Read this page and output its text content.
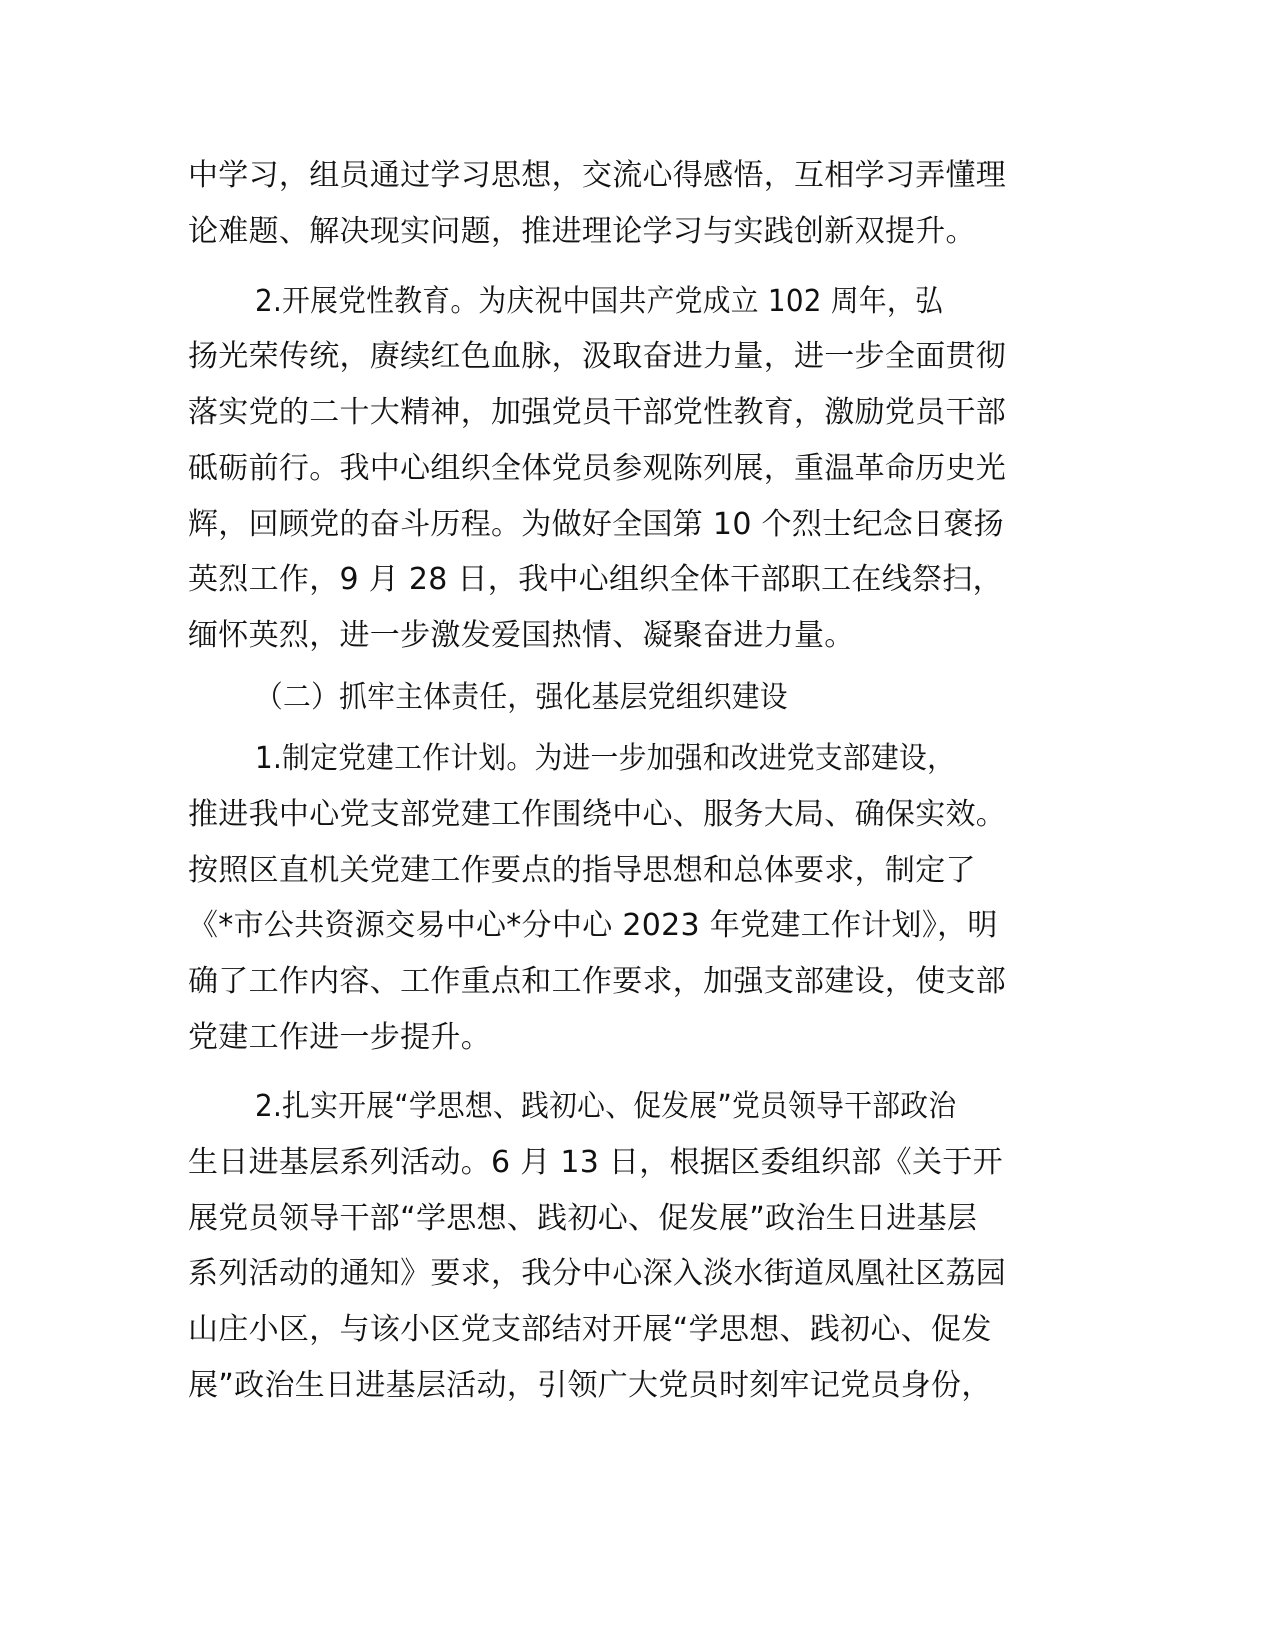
中学习，组员通过学习思想，交流心得感悟，互相学习弄懂理
论难题、解决现实问题，推进理论学习与实践创新双提升。
2.开展党性教育。为庆祝中国共产党成立 102 周年，弘
扬光荣传统，赓续红色血脉，汲取奋进力量，进一步全面贯彻
落实党的二十大精神，加强党员干部党性教育，激励党员干部
砥砺前行。我中心组织全体党员参观陈列展，重温革命历史光
辉，回顾党的奋斗历程。为做好全国第 10 个烈士纪念日褒扬
英烈工作，9 月 28 日，我中心组织全体干部职工在线祭扫，
缅怀英烈，进一步激发爱国热情、凝聚奋进力量。
（二）抓牢主体责任，强化基层党组织建设
1.制定党建工作计划。为进一步加强和改进党支部建设，
推进我中心党支部党建工作围绕中心、服务大局、确保实效。
按照区直机关党建工作要点的指导思想和总体要求，制定了
《*市公共资源交易中心*分中心 2023 年党建工作计划》，明
确了工作内容、工作重点和工作要求，加强支部建设，使支部
党建工作进一步提升。
2.扎实开展“学思想、践初心、促发展”党员领导干部政治
生日进基层系列活动。6 月 13 日，根据区委组织部《关于开
展党员领导干部“学思想、践初心、促发展”政治生日进基层
系列活动的通知》要求，我分中心深入淡水街道凤凰社区荔园
山庄小区，与该小区党支部结对开展“学思想、践初心、促发
展”政治生日进基层活动，引领广大党员时刻牢记党员身份，
